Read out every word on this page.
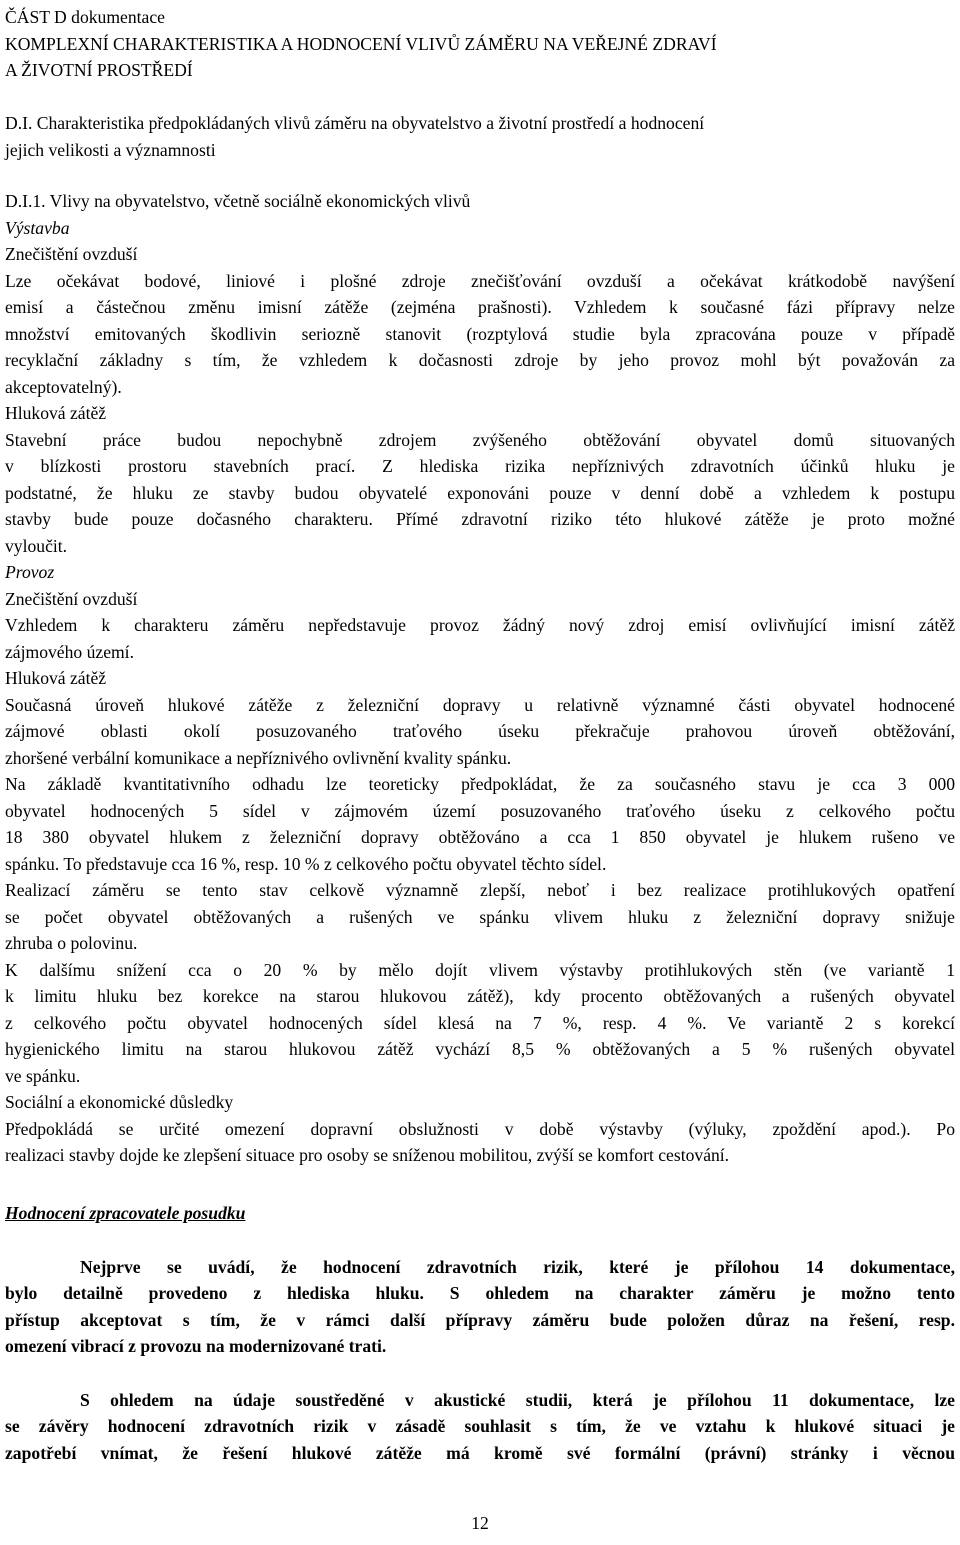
ČÁST D dokumentace
KOMPLEXNÍ CHARAKTERISTIKA A HODNOCENÍ VLIVŮ ZÁMĚRU NA VEŘEJNÉ ZDRAVÍ
A ŽIVOTNÍ PROSTŘEDÍ
D.I. Charakteristika předpokládaných vlivů záměru na obyvatelstvo a životní prostředí a hodnocení
jejich velikosti a významnosti
D.I.1. Vlivy na obyvatelstvo, včetně sociálně ekonomických vlivů
Výstavba
Znečištění ovzduší
Lze očekávat bodové, liniové i plošné zdroje znečišťování ovzduší a očekávat krátkodobě navýšení
emisí a částečnou změnu imisní zátěže (zejména prašnosti). Vzhledem k současné fázi přípravy nelze
množství emitovaných škodlivin seriozně stanovit (rozptylová studie byla zpracována pouze v případě
recyklační základny s tím, že vzhledem k dočasnosti zdroje by jeho provoz mohl být považován za
akceptovatelný).
Hluková zátěž
Stavební práce budou nepochybně zdrojem zvýšeného obtěžování obyvatel domů situovaných
v blízkosti prostoru stavebních prací. Z hlediska rizika nepříznivých zdravotních účinků hluku je
podstatné, že hluku ze stavby budou obyvatelé exponováni pouze v denní době a vzhledem k postupu
stavby bude pouze dočasného charakteru. Přímé zdravotní riziko této hlukové zátěže je proto možné
vyloučit.
Provoz
Znečištění ovzduší
Vzhledem k charakteru záměru nepředstavuje provoz žádný nový zdroj emisí ovlivňující imisní zátěž
zájmového území.
Hluková zátěž
Současná úroveň hlukové zátěže z železniční dopravy u relativně významné části obyvatel hodnocené
zájmové oblasti okolí posuzovaného traťového úseku překračuje prahovou úroveň obtěžování,
zhoršené verbální komunikace a nepříznivého ovlivnění kvality spánku.
Na základě kvantitativního odhadu lze teoreticky předpokládat, že za současného stavu je cca 3 000
obyvatel hodnocených 5 sídel v zájmovém území posuzovaného traťového úseku z celkového počtu
18 380 obyvatel hlukem z železniční dopravy obtěžováno a cca 1 850 obyvatel je hlukem rušeno ve
spánku. To představuje cca 16 %, resp. 10 % z celkového počtu obyvatel těchto sídel.
Realizací záměru se tento stav celkově významně zlepší, neboť i bez realizace protihlukových opatření
se počet obyvatel obtěžovaných a rušených ve spánku vlivem hluku z železniční dopravy snižuje
zhruba o polovinu.
K dalšímu snížení cca o 20 % by mělo dojít vlivem výstavby protihlukových stěn (ve variantě 1
k limitu hluku bez korekce na starou hlukovou zátěž), kdy procento obtěžovaných a rušených obyvatel
z celkového počtu obyvatel hodnocených sídel klesá na 7 %, resp. 4 %. Ve variantě 2 s korekcí
hygienického limitu na starou hlukovou zátěž vychází 8,5 % obtěžovaných a 5 % rušených obyvatel
ve spánku.
Sociální a ekonomické důsledky
Předpokládá se určité omezení dopravní obslužnosti v době výstavby (výluky, zpoždění apod.). Po
realizaci stavby dojde ke zlepšení situace pro osoby se sníženou mobilitou, zvýší se komfort cestování.
Hodnocení zpracovatele posudku
Nejprve se uvádí, že hodnocení zdravotních rizik, které je přílohou 14 dokumentace,
bylo detailně provedeno z hlediska hluku. S ohledem na charakter záměru je možno tento
přístup akceptovat s tím, že v rámci další přípravy záměru bude položen důraz na řešení, resp.
omezení vibrací z provozu na modernizované trati.
S ohledem na údaje soustředěné v akustické studii, která je přílohou 11 dokumentace, lze
se závěry hodnocení zdravotních rizik v zásadě souhlasit s tím, že ve vztahu k hlukové situaci je
zapotřebí vnímat, že řešení hlukové zátěže má kromě své formální (právní) stránky i věcnou
12
